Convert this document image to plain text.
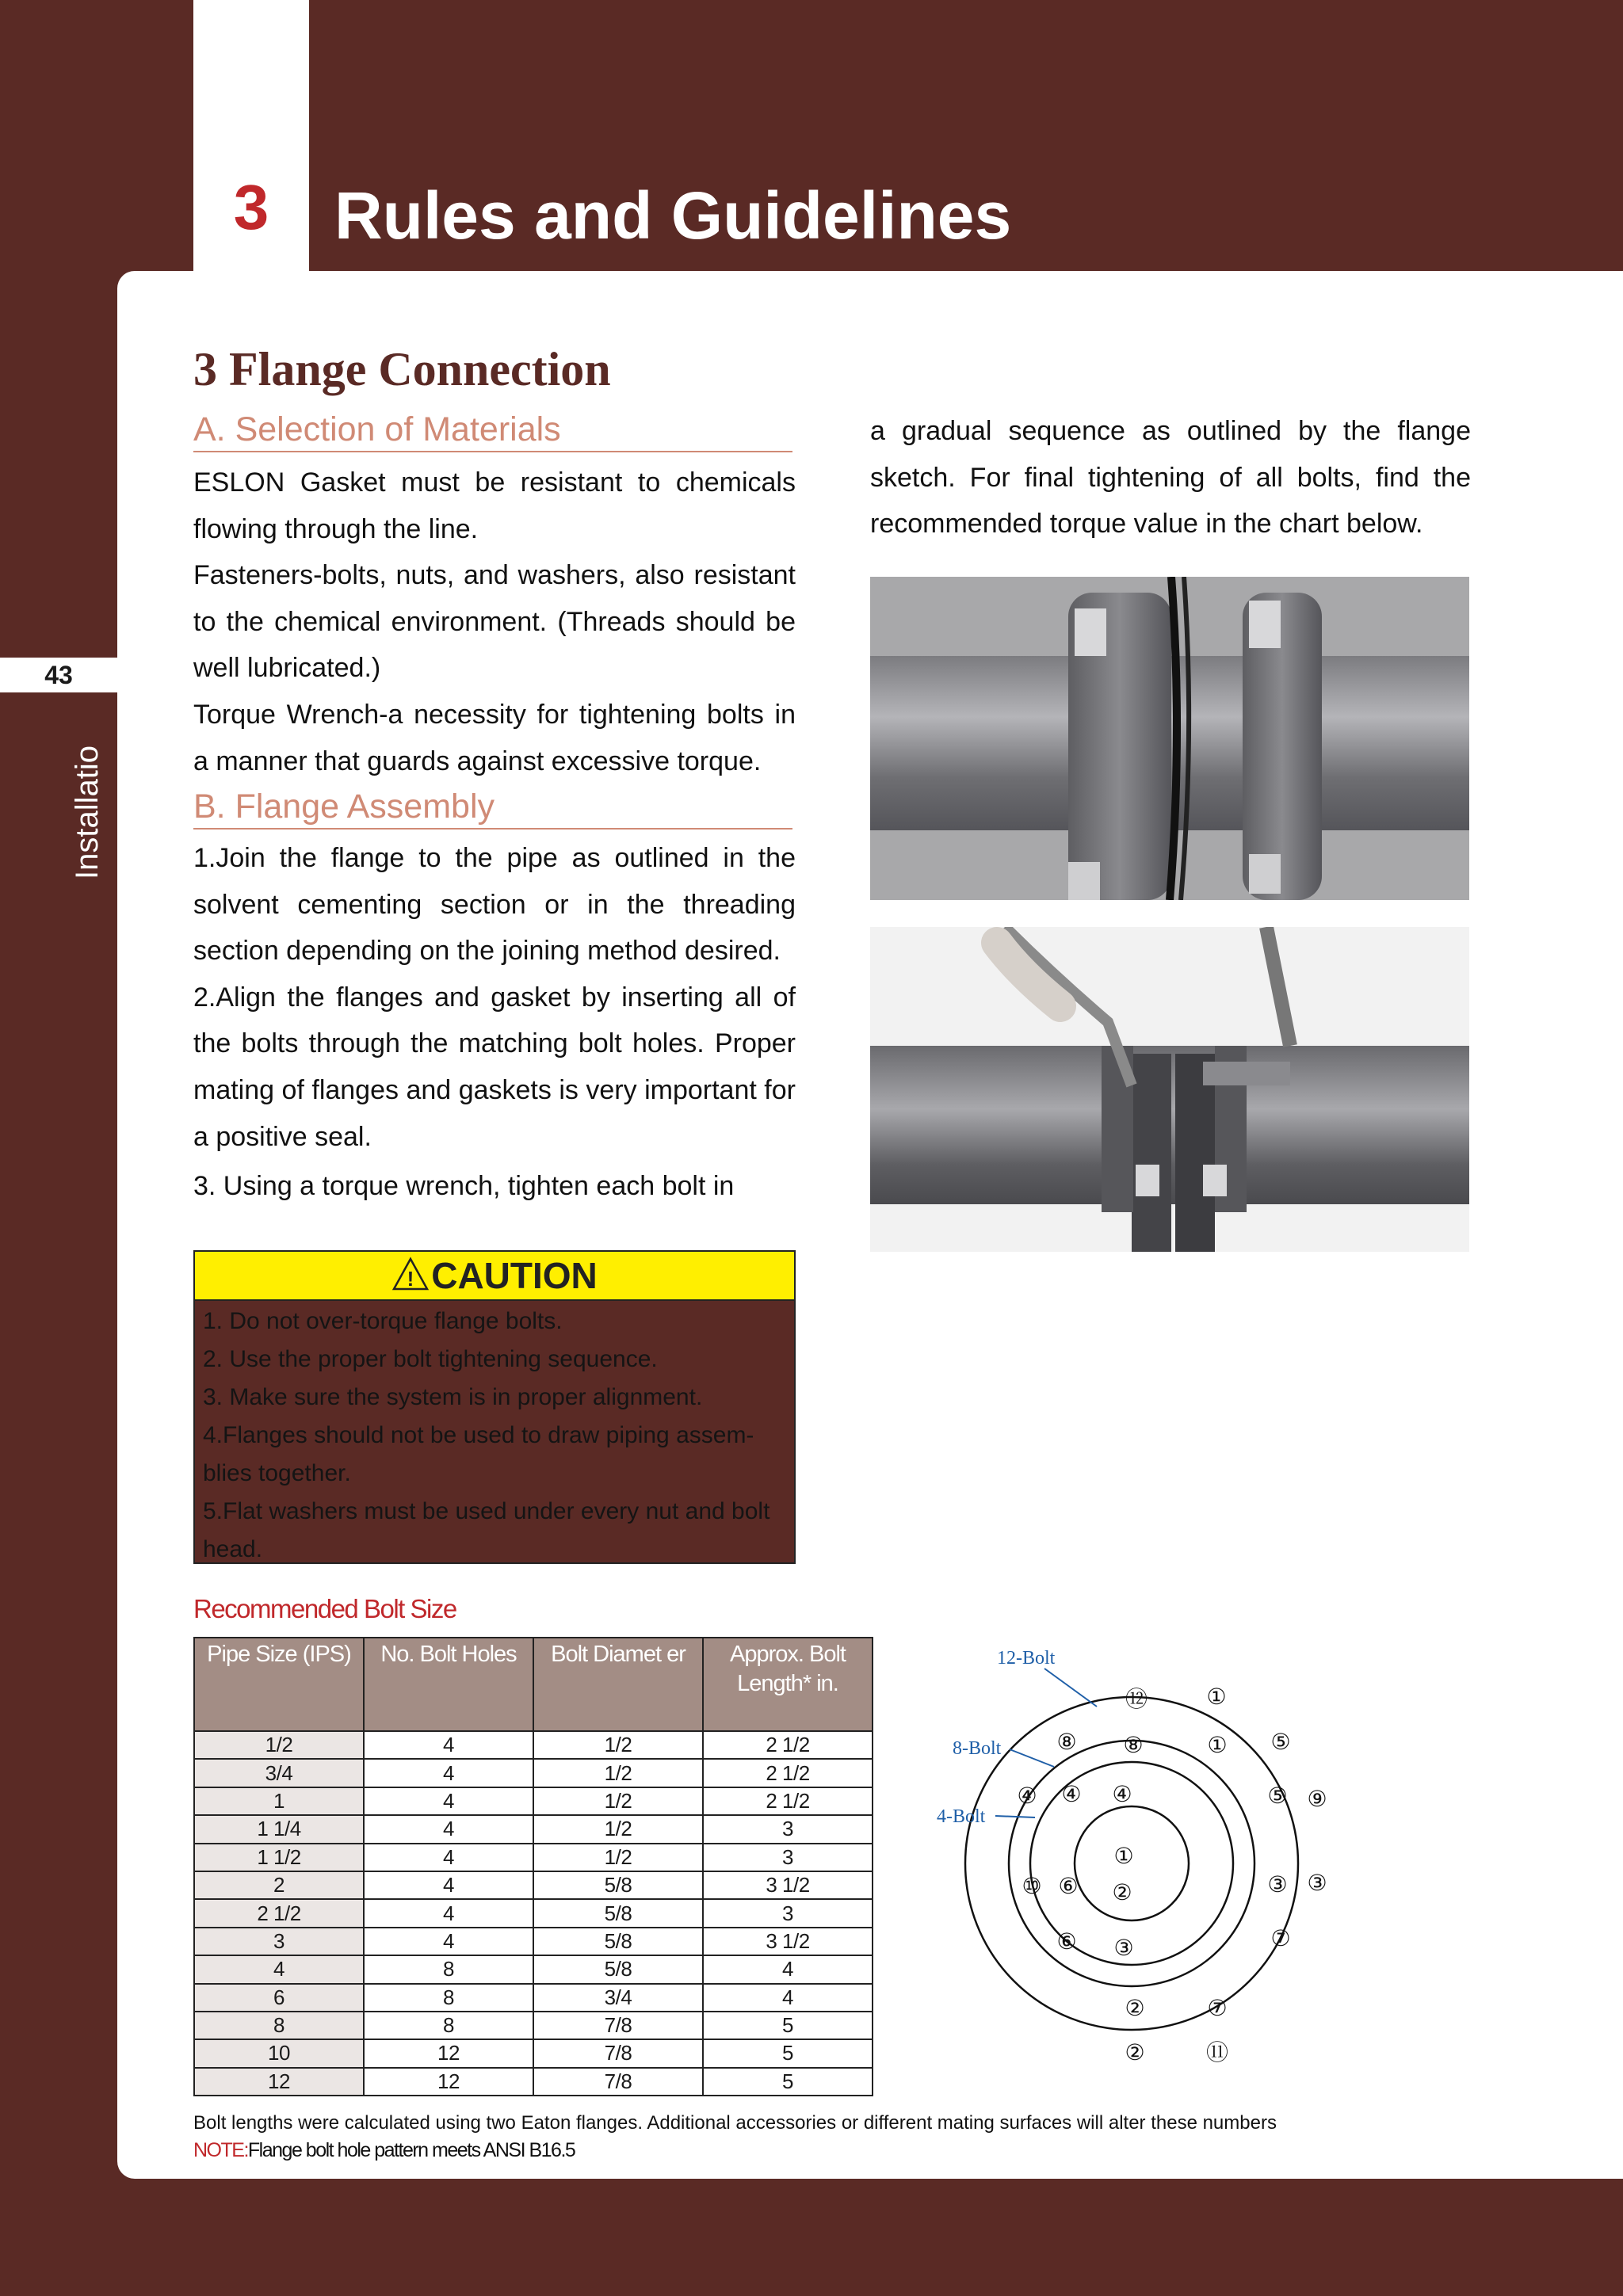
3 Rules and Guidelines
43
Installatio
3 Flange Connection
A. Selection of Materials

ESLON Gasket must be resistant to chemicals flowing through the line.

Fasteners-bolts, nuts, and washers, also resistant to the chemical environment. (Threads should be well lubricated.)

Torque Wrench-a necessity for tightening bolts in a manner that guards against excessive torque.

B. Flange Assembly

1.Join the flange to the pipe as outlined in the solvent cementing section or in the threading section depending on the joining method desired.

2.Align the flanges and gasket by inserting all of the bolts through the matching bolt holes. Proper mating of flanges and gaskets is very important for a positive seal.

3. Using a torque wrench, tighten each bolt in

a gradual sequence as outlined by the flange sketch. For final tightening of all bolts, find the recommended torque value in the chart below.
! CAUTION
1. Do not over-torque flange bolts.
2. Use the proper bolt tightening sequence.
3. Make sure the system is in proper alignment.
4.Flanges should not be used to draw piping assem-blies together.
5.Flat washers must be used under every nut and bolt head.
Recommended Bolt Size
Pipe Size (IPS)	No. Bolt Holes	Bolt Diamet er	Approx. Bolt Length* in.
1/2	4	1/2	2 1/2
3/4	4	1/2	2 1/2
1	4	1/2	2 1/2
1 1/4	4	1/2	3
1 1/2	4	1/2	3
2	4	5/8	3 1/2
2 1/2	4	5/8	3
3	4	5/8	3 1/2
4	8	5/8	4
6	8	3/4	4
8	8	7/8	5
10	12	7/8	5
12	12	7/8	5
Bolt lengths were calculated using two Eaton flanges. Additional accessories or different mating surfaces will alter these numbers
NOTE:Flange bolt hole pattern meets ANSI B16.5
12-Bolt
8-Bolt
4-Bolt
⑫	①
⑧ ⑧	① ⑤
④ ④ ④	⑤ ⑨
①
⑩ ⑥ ②	③ ③
⑥ ③	⑦
②	⑦
②	⑪
